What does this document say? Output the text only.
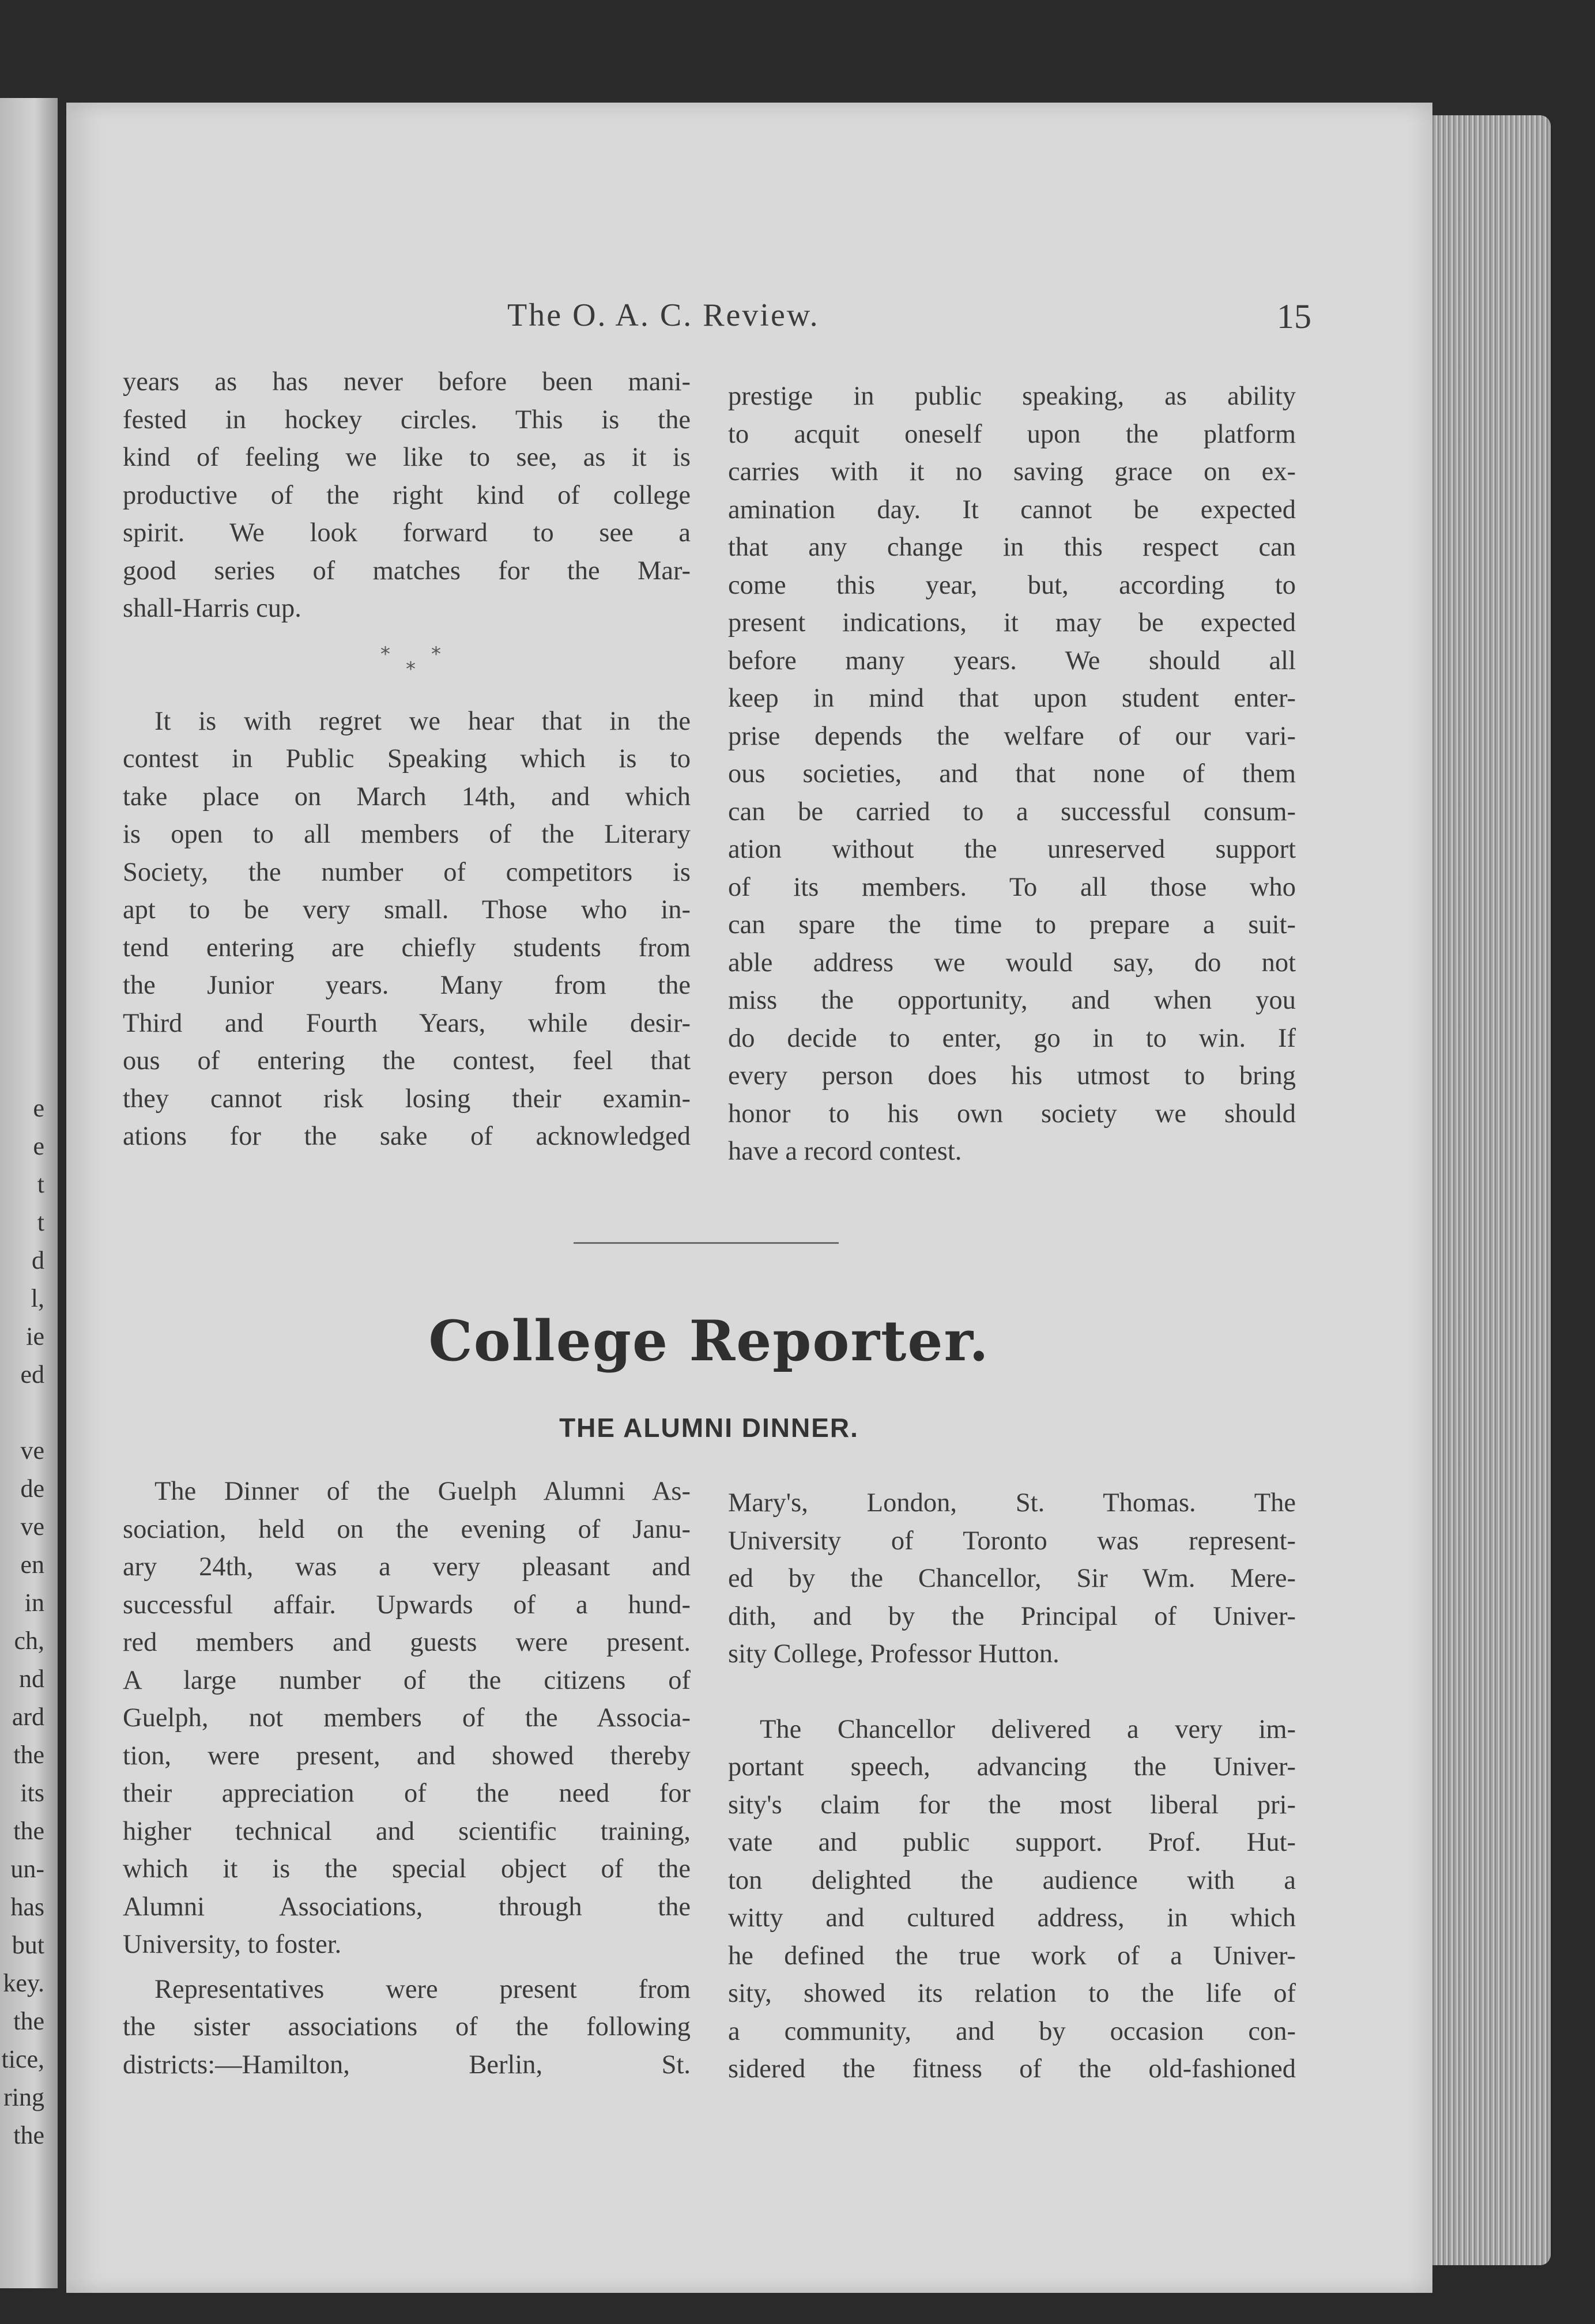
e
e
t
t
d
l,
ie
ed
ve
de
ve
en
in
ch,
nd
ard
the
its
the
un-
has
but
key.
the
tice,
ring
the
The O. A. C. Review.	15
years as has never before been mani-
fested in hockey circles. This is the
kind of feeling we like to see, as it is
productive of the right kind of college
spirit. We look forward to see a
good series of matches for the Mar-
shall-Harris cup.
It is with regret we hear that in the
contest in Public Speaking which is to
take place on March 14th, and which
is open to all members of the Literary
Society, the number of competitors is
apt to be very small. Those who in-
tend entering are chiefly students from
the Junior years. Many from the
Third and Fourth Years, while desir-
ous of entering the contest, feel that
they cannot risk losing their examin-
ations for the sake of acknowledged
* *
*
prestige in public speaking, as ability
to acquit oneself upon the platform
carries with it no saving grace on ex-
amination day. It cannot be expected
that any change in this respect can
come this year, but, according to
present indications, it may be expected
before many years. We should all
keep in mind that upon student enter-
prise depends the welfare of our vari-
ous societies, and that none of them
can be carried to a successful consum-
ation without the unreserved support
of its members. To all those who
can spare the time to prepare a suit-
able address we would say, do not
miss the opportunity, and when you
do decide to enter, go in to win. If
every person does his utmost to bring
honor to his own society we should
have a record contest.
College Reporter.
THE ALUMNI DINNER.
The Dinner of the Guelph Alumni As-
sociation, held on the evening of Janu-
ary 24th, was a very pleasant and
successful affair. Upwards of a hund-
red members and guests were present.
A large number of the citizens of
Guelph, not members of the Associa-
tion, were present, and showed thereby
their appreciation of the need for
higher technical and scientific training,
which it is the special object of the
Alumni Associations, through the
University, to foster.
Representatives were present from
the sister associations of the following
districts:—Hamilton, Berlin, St.
Mary's, London, St. Thomas. The
University of Toronto was represent-
ed by the Chancellor, Sir Wm. Mere-
dith, and by the Principal of Univer-
sity College, Professor Hutton.
The Chancellor delivered a very im-
portant speech, advancing the Univer-
sity's claim for the most liberal pri-
vate and public support. Prof. Hut-
ton delighted the audience with a
witty and cultured address, in which
he defined the true work of a Univer-
sity, showed its relation to the life of
a community, and by occasion con-
sidered the fitness of the old-fashioned
